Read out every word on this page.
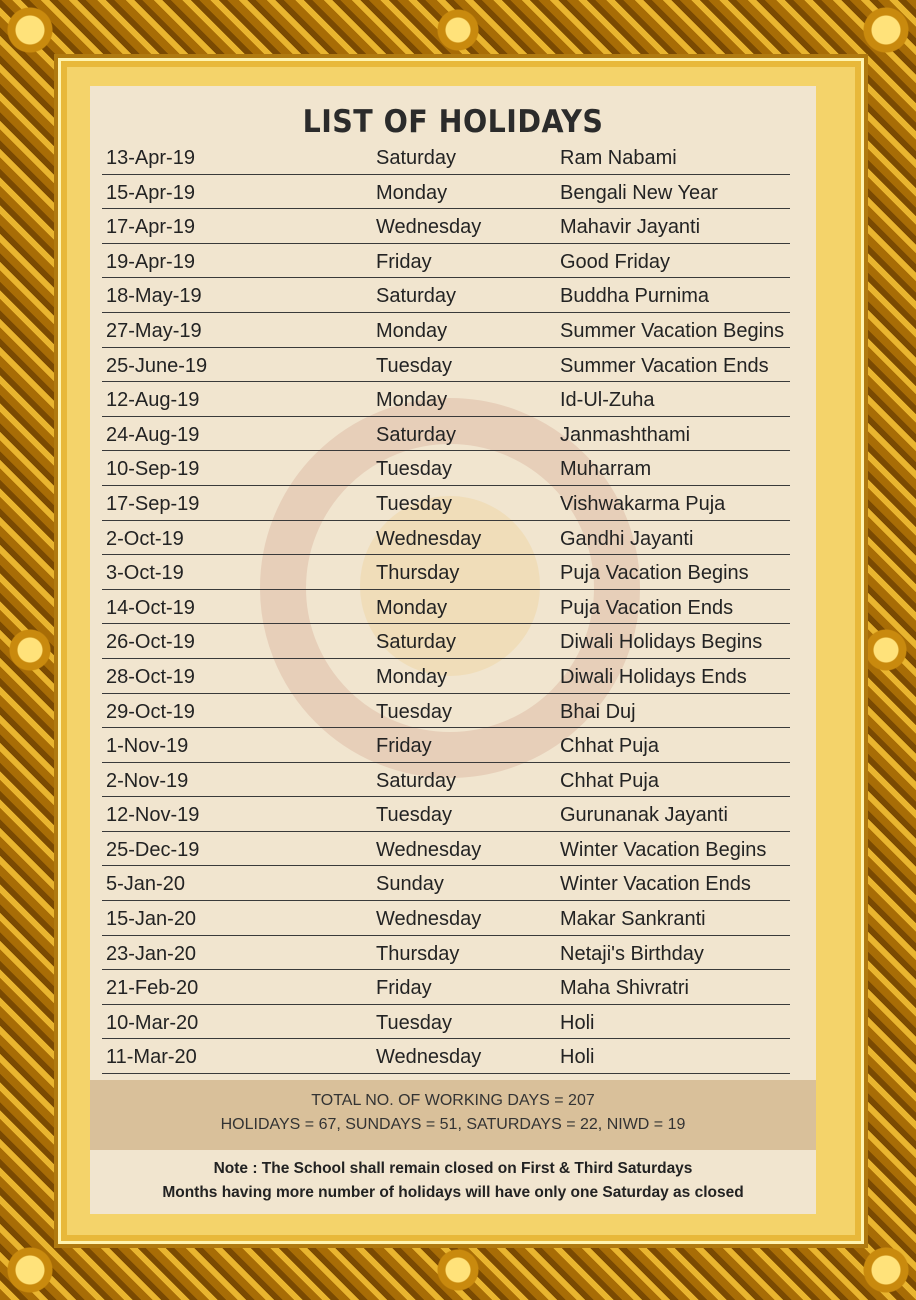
LIST OF HOLIDAYS
13-Apr-19	Saturday	Ram Nabami
15-Apr-19	Monday	Bengali New Year
17-Apr-19	Wednesday	Mahavir Jayanti
19-Apr-19	Friday	Good Friday
18-May-19	Saturday	Buddha Purnima
27-May-19	Monday	Summer Vacation Begins
25-June-19	Tuesday	Summer Vacation Ends
12-Aug-19	Monday	Id-Ul-Zuha
24-Aug-19	Saturday	Janmashthami
10-Sep-19	Tuesday	Muharram
17-Sep-19	Tuesday	Vishwakarma Puja
2-Oct-19	Wednesday	Gandhi Jayanti
3-Oct-19	Thursday	Puja Vacation Begins
14-Oct-19	Monday	Puja Vacation Ends
26-Oct-19	Saturday	Diwali Holidays Begins
28-Oct-19	Monday	Diwali Holidays Ends
29-Oct-19	Tuesday	Bhai Duj
1-Nov-19	Friday	Chhat Puja
2-Nov-19	Saturday	Chhat Puja
12-Nov-19	Tuesday	Gurunanak Jayanti
25-Dec-19	Wednesday	Winter Vacation Begins
5-Jan-20	Sunday	Winter Vacation Ends
15-Jan-20	Wednesday	Makar Sankranti
23-Jan-20	Thursday	Netaji's Birthday
21-Feb-20	Friday	Maha Shivratri
10-Mar-20	Tuesday	Holi
11-Mar-20	Wednesday	Holi
TOTAL NO. OF WORKING DAYS = 207
HOLIDAYS = 67, SUNDAYS = 51, SATURDAYS = 22, NIWD = 19
Note : The School shall remain closed on First & Third Saturdays
Months having more number of holidays will have only one Saturday as closed
